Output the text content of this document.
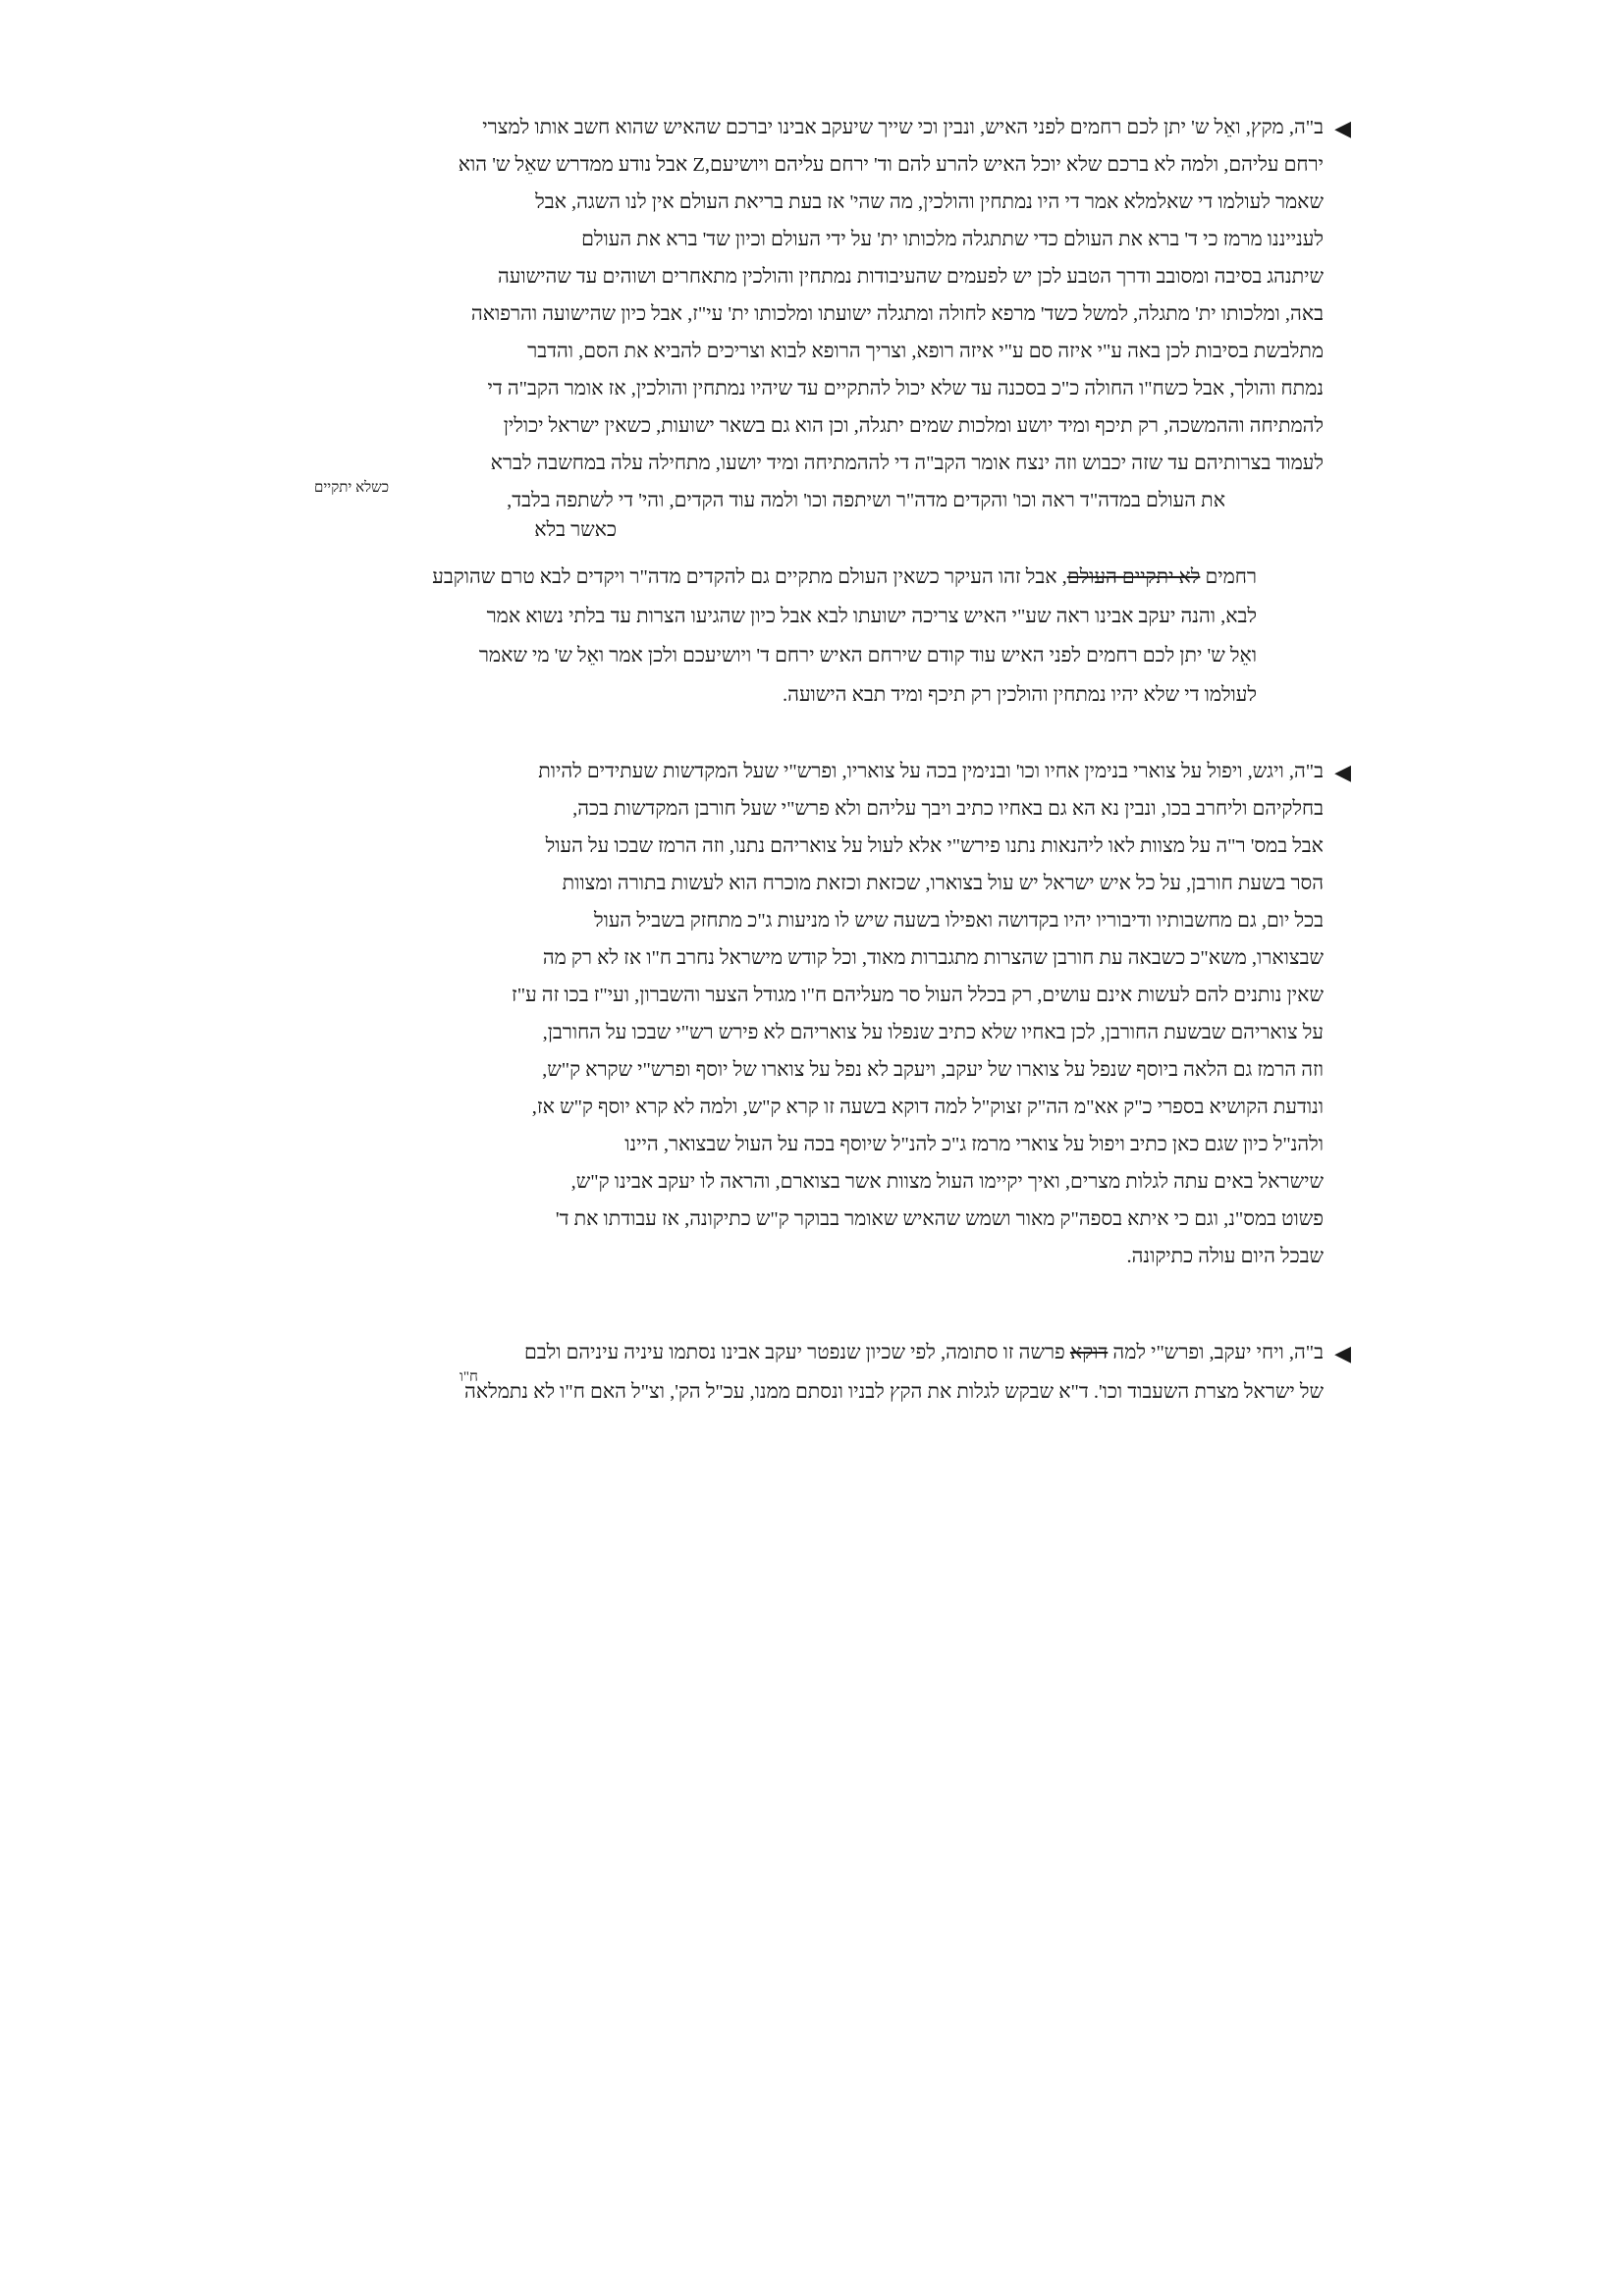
◀
ב"ה, מקץ, ואֵל ש' יתן לכם רחמים לפני האיש, ונבין וכי שייך שיעקב אבינו יברכם שהאיש שהוא חשב אותו למצרי
ירחם עליהם, ולמה לא ברכם שלא יוכל האיש להרע להם וד' ירחם עליהם ויושיעם,Z אבל נודע ממדרש שאֵל ש' הוא
שאמר לעולמו די שאלמלא אמר די היו נמתחין והולכין, מה שהי' אז בעת בריאת העולם אין לנו השגה, אבל
לענייננו מרמז כי ד' ברא את העולם כדי שתתגלה מלכותו ית' על ידי העולם וכיון שד' ברא את העולם
שיתנהג בסיבה ומסובב ודרך הטבע לכן יש לפעמים שהעיבודות נמתחין והולכין מתאחרים ושוהים עד שהישועה
באה, ומלכותו ית' מתגלה, למשל כשד' מרפא לחולה ומתגלה ישועתו ומלכותו ית' עי"ז, אבל כיון שהישועה והרפואה
מתלבשת בסיבות לכן באה ע"י איזה סם ע"י איזה רופא, וצריך הרופא לבוא וצריכים להביא את הסם, והדבר
נמתח והולך, אבל כשח"ו החולה כ"כ בסכנה עד שלא יכול להתקיים עד שיהיו נמתחין והולכין, אז אומר הקב"ה די
להמתיחה וההמשכה, רק תיכף ומיד יושע ומלכות שמים יתגלה, וכן הוא גם בשאר ישועות, כשאין ישראל יכולין
לעמוד בצרותיהם עד שזה יכבוש וזה ינצח אומר הקב"ה די לההמתיחה ומיד יושעו, מתחילה עלה במחשבה לברא
את העולם במדה"ד ראה וכו' והקדים מדה"ר ושיתפה וכו' ולמה עוד הקדים, והי' די לשתפה בלבד,
כשלא יתקיים
כאשר בלא
רחמים לא יתקיים העולם, אבל זהו העיקר כשאין העולם מתקיים גם להקדים מדה"ר ויקדים לבא טרם שהוקבע
לבא, והנה יעקב אבינו ראה שע"י האיש צריכה ישועתו לבא אבל כיון שהגיעו הצרות עד בלתי נשוא אמר
ואֵל ש' יתן לכם רחמים לפני האיש עוד קודם שירחם האיש ירחם ד' ויושיעכם ולכן אמר ואֵל ש' מי שאמר
לעולמו די שלא יהיו נמתחין והולכין רק תיכף ומיד תבא הישועה.
◀
ב"ה, ויגש, ויפול על צוארי בנימין אחיו וכו' ובנימין בכה על צואריו, ופרש"י שעל המקדשות שעתידים להיות
בחלקיהם וליחרב בכו, ונבין נא הא גם באחיו כתיב ויבך עליהם ולא פרש"י שעל חורבן המקדשות בכה,
אבל במס' ר"ה על מצוות לאו ליהנאות נתנו פירש"י אלא לעול על צואריהם נתנו, וזה הרמז שבכו על העול
הסר בשעת חורבן, על כל איש ישראל יש עול בצוארו, שכזאת וכזאת מוכרח הוא לעשות בתורה ומצוות
בכל יום, גם מחשבותיו ודיבוריו יהיו בקדושה ואפילו בשעה שיש לו מניעות ג"כ מתחזק בשביל העול
שבצוארו, משא"כ כשבאה עת חורבן שהצרות מתגברות מאוד, וכל קודש מישראל נחרב ח"ו אז לא רק מה
שאין נותנים להם לעשות אינם עושים, רק בכלל העול סר מעליהם ח"ו מגודל הצער והשברון, ועי"ז בכו זה ע"ז
על צואריהם שבשעת החורבן, לכן באחיו שלא כתיב שנפלו על צואריהם לא פירש רש"י שבכו על החורבן,
וזה הרמז גם הלאה ביוסף שנפל על צוארו של יעקב, ויעקב לא נפל על צוארו של יוסף ופרש"י שקרא ק"ש,
ונודעת הקושיא בספרי כ"ק אא"מ הה"ק זצוק"ל למה דוקא בשעה זו קרא ק"ש, ולמה לא קרא יוסף ק"ש אז,
ולהנ"ל כיון שגם כאן כתיב ויפול על צוארי מרמז ג"כ להנ"ל שיוסף בכה על העול שבצואר, היינו
שישראל באים עתה לגלות מצרים, ואיך יקיימו העול מצוות אשר בצוארם, והראה לו יעקב אבינו ק"ש,
פשוט במס"נ, וגם כי איתא בספה"ק מאור ושמש שהאיש שאומר בבוקר ק"ש כתיקונה, אז עבודתו את ד'
שבכל היום עולה כתיקונה.
◀
ב"ה, ויחי יעקב, ופרש"י למה דוקא פרשה זו סתומה, לפי שכיון שנפטר יעקב אבינו נסתמו עיניה עיניהם ולבם
של ישראל מצרת השעבוד וכו'. ד"א שבקש לגלות את הקץ לבניו ונסתם ממנו, עכ"ל הק', וצ"ל האם ח"ו לא נתמלאה
ח"ו
